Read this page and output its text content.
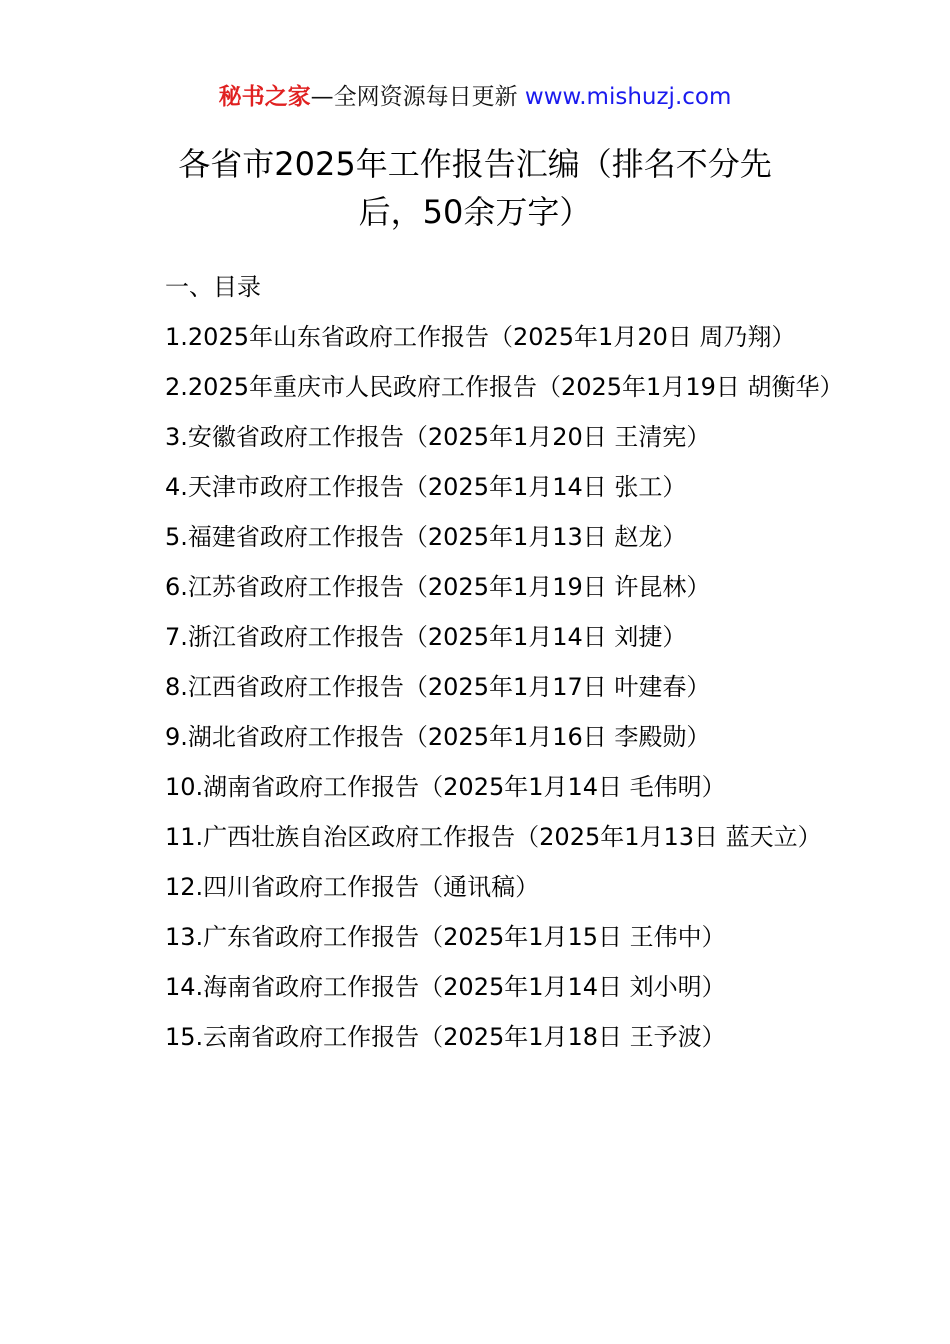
秘书之家—全网资源每日更新 www.mishuzj.com
各省市2025年工作报告汇编（排名不分先
后，50余万字）

一、目录

1.2025年山东省政府工作报告（2025年1月20日 周乃翔）

2.2025年重庆市人民政府工作报告（2025年1月19日 胡衡华）

3.安徽省政府工作报告（2025年1月20日 王清宪）

4.天津市政府工作报告（2025年1月14日 张工）

5.福建省政府工作报告（2025年1月13日 赵龙）

6.江苏省政府工作报告（2025年1月19日 许昆林）

7.浙江省政府工作报告（2025年1月14日 刘捷）

8.江西省政府工作报告（2025年1月17日 叶建春）

9.湖北省政府工作报告（2025年1月16日 李殿勋）

10.湖南省政府工作报告（2025年1月14日 毛伟明）

11.广西壮族自治区政府工作报告（2025年1月13日 蓝天立）

12.四川省政府工作报告（通讯稿）

13.广东省政府工作报告（2025年1月15日 王伟中）

14.海南省政府工作报告（2025年1月14日 刘小明）

15.云南省政府工作报告（2025年1月18日 王予波）
